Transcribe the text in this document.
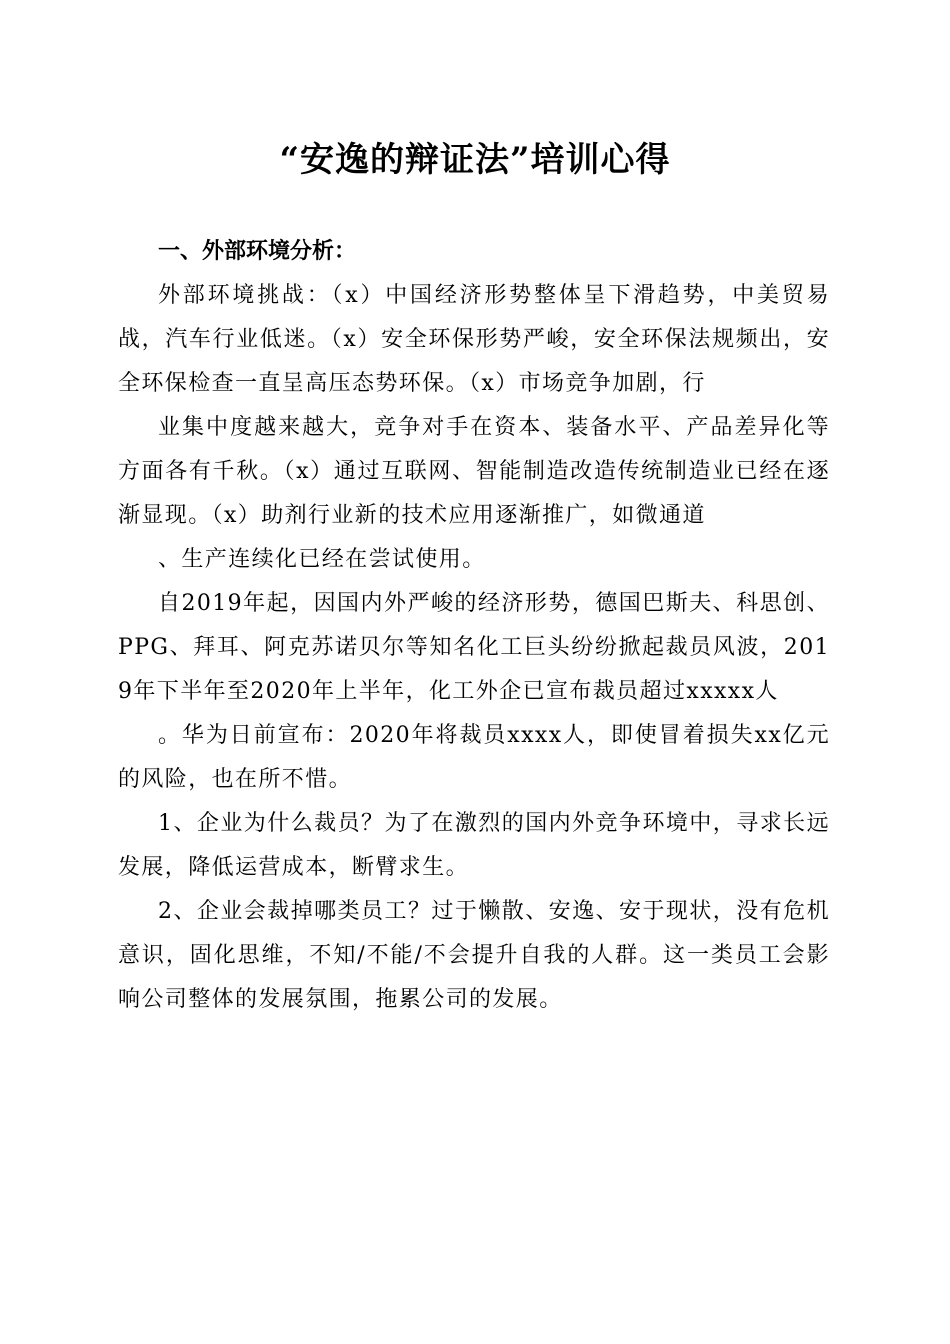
“安逸的辩证法”培训心得

一、外部环境分析：

外部环境挑战：（x）中国经济形势整体呈下滑趋势，中美贸易战，汽车行业低迷。（x）安全环保形势严峻，安全环保法规频出，安全环保检查一直呈高压态势环保。（x）市场竞争加剧，行

业集中度越来越大，竞争对手在资本、装备水平、产品差异化等方面各有千秋。（x）通过互联网、智能制造改造传统制造业已经在逐渐显现。（x）助剂行业新的技术应用逐渐推广，如微通道

、生产连续化已经在尝试使用。

自2019年起，因国内外严峻的经济形势，德国巴斯夫、科思创、PPG、拜耳、阿克苏诺贝尔等知名化工巨头纷纷掀起裁员风波，2019年下半年至2020年上半年，化工外企已宣布裁员超过xxxxx人

。华为日前宣布：2020年将裁员xxxx人，即使冒着损失xx亿元的风险，也在所不惜。

1、企业为什么裁员？为了在激烈的国内外竞争环境中，寻求长远发展，降低运营成本，断臂求生。

2、企业会裁掉哪类员工？过于懒散、安逸、安于现状，没有危机意识，固化思维，不知/不能/不会提升自我的人群。这一类员工会影响公司整体的发展氛围，拖累公司的发展。
